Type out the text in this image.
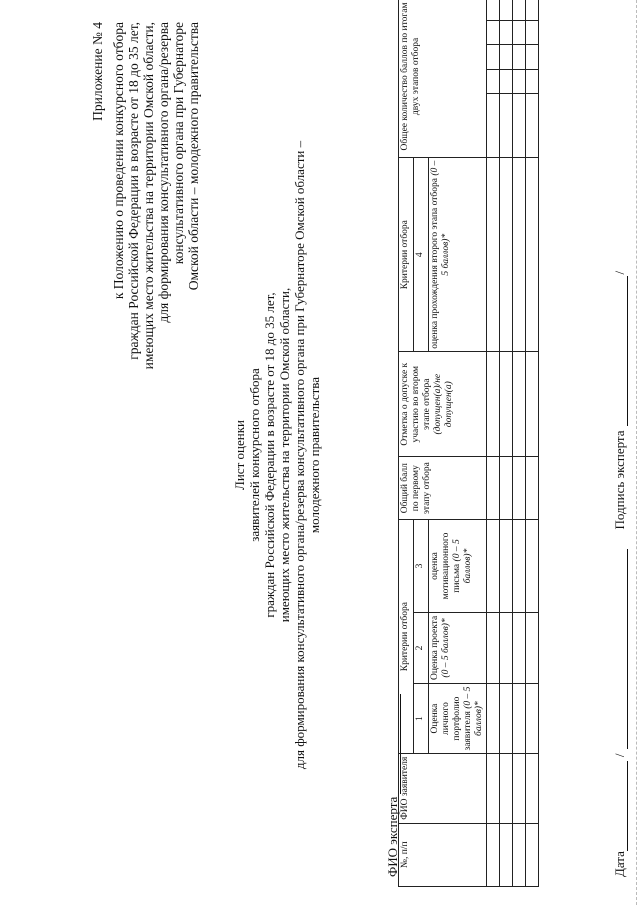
Приложение № 4 к Положению о проведении конкурсного отбора граждан Российской Федерации в возрасте от 18 до 35 лет, имеющих место жительства на территории Омской области, для формирования консультативного органа/резерва консультативного органа при Губернаторе Омской области – молодежного правительства
Лист оценки заявителей конкурсного отбора граждан Российской Федерации в возрасте от 18 до 35 лет, имеющих место жительства на территории Омской области, для формирования консультативного органа/резерва консультативного органа при Губернаторе Омской области – молодежного правительства
ФИО эксперта №, п/п	ФИО заявителя	Критерии отбора			Общий балл по первому этапу отбора	Отметка о допуске к участию во втором этапе отбора (допущен(а)/не допущен(а)	Критерии отбора	Общее количество баллов по итогам двух этапов отбора				
		1	2	3			4					
		Оценка личного портфолио заявителя (0 – 5 баллов)*	Оценка проекта (0 – 5 баллов)*	оценка мотивационного письма (0 – 5 баллов)*			оценка прохождения второго этапа отбора (0 – 5 баллов)*					

Дата/Подпись эксперта/
